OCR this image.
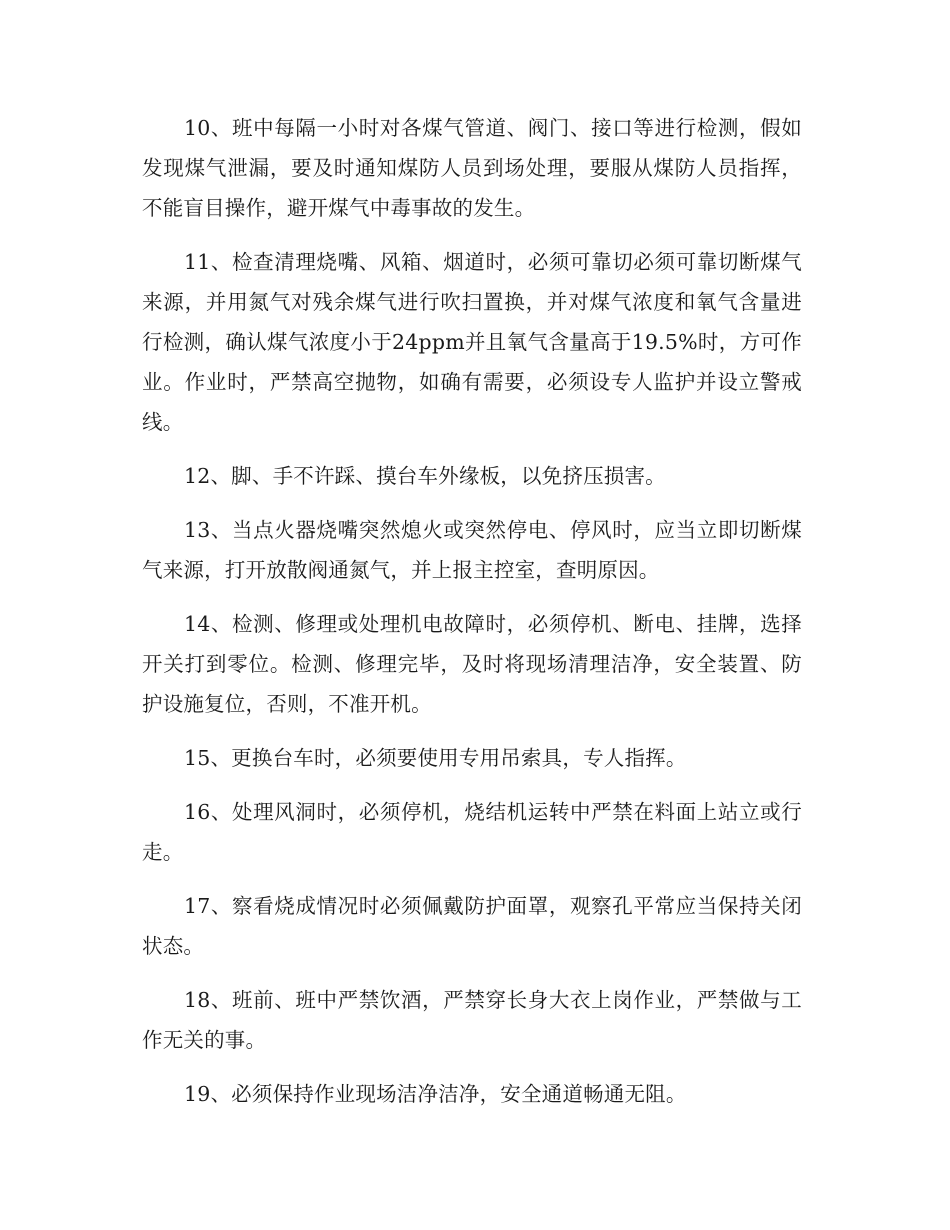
10、班中每隔一小时对各煤气管道、阀门、接口等进行检测，假如发现煤气泄漏，要及时通知煤防人员到场处理，要服从煤防人员指挥，不能盲目操作，避开煤气中毒事故的发生。

11、检查清理烧嘴、风箱、烟道时，必须可靠切必须可靠切断煤气来源，并用氮气对残余煤气进行吹扫置换，并对煤气浓度和氧气含量进行检测，确认煤气浓度小于24ppm并且氧气含量高于19.5%时，方可作业。作业时，严禁高空抛物，如确有需要，必须设专人监护并设立警戒线。

12、脚、手不许踩、摸台车外缘板，以免挤压损害。

13、当点火器烧嘴突然熄火或突然停电、停风时，应当立即切断煤气来源，打开放散阀通氮气，并上报主控室，查明原因。

14、检测、修理或处理机电故障时，必须停机、断电、挂牌，选择开关打到零位。检测、修理完毕，及时将现场清理洁净，安全装置、防护设施复位，否则，不准开机。

15、更换台车时，必须要使用专用吊索具，专人指挥。

16、处理风洞时，必须停机，烧结机运转中严禁在料面上站立或行走。

17、察看烧成情况时必须佩戴防护面罩，观察孔平常应当保持关闭状态。

18、班前、班中严禁饮酒，严禁穿长身大衣上岗作业，严禁做与工作无关的事。

19、必须保持作业现场洁净洁净，安全通道畅通无阻。
